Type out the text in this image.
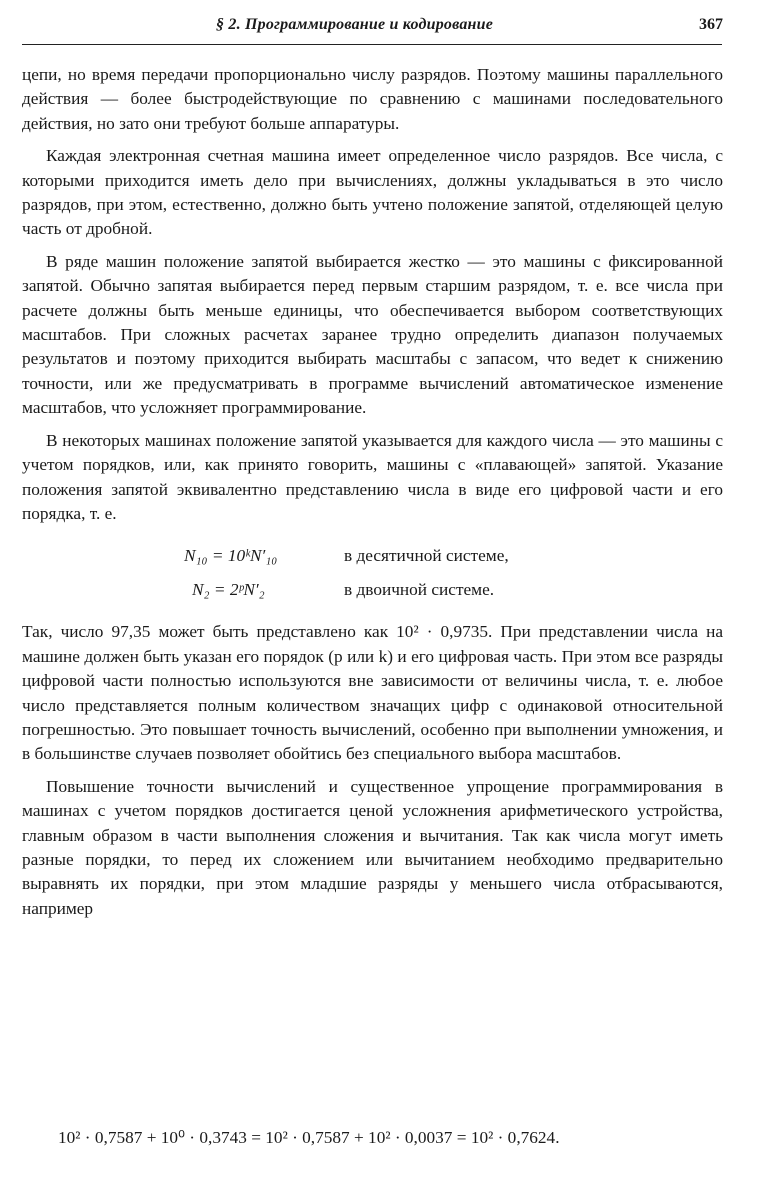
§ 2. Программирование и кодирование	367

цепи, но время передачи пропорционально числу разрядов. Поэтому машины параллельного действия — более быстродействующие по сравнению с машинами последовательного действия, но зато они требуют больше аппаратуры.

Каждая электронная счетная машина имеет определенное число разрядов. Все числа, с которыми приходится иметь дело при вычислениях, должны укладываться в это число разрядов, при этом, естественно, должно быть учтено положение запятой, отделяющей целую часть от дробной.

В ряде машин положение запятой выбирается жестко — это машины с фиксированной запятой. Обычно запятая выбирается перед первым старшим разрядом, т. е. все числа при расчете должны быть меньше единицы, что обеспечивается выбором соответствующих масштабов. При сложных расчетах заранее трудно определить диапазон получаемых результатов и поэтому приходится выбирать масштабы с запасом, что ведет к снижению точности, или же предусматривать в программе вычислений автоматическое изменение масштабов, что усложняет программирование.

В некоторых машинах положение запятой указывается для каждого числа — это машины с учетом порядков, или, как принято говорить, машины с «плавающей» запятой. Указание положения запятой эквивалентно представлению числа в виде его цифровой части и его порядка, т. е.

N₁₀ = 10ᵏN′₁₀	в десятичной системе,
N₂ = 2ᵖN′₂	в двоичной системе.

Так, число 97,35 может быть представлено как 10² · 0,9735. При представлении числа на машине должен быть указан его порядок (p или k) и его цифровая часть. При этом все разряды цифровой части полностью используются вне зависимости от величины числа, т. е. любое число представляется полным количеством значащих цифр с одинаковой относительной погрешностью. Это повышает точность вычислений, особенно при выполнении умножения, и в большинстве случаев позволяет обойтись без специального выбора масштабов.

Повышение точности вычислений и существенное упрощение программирования в машинах с учетом порядков достигается ценой усложнения арифметического устройства, главным образом в части выполнения сложения и вычитания. Так как числа могут иметь разные порядки, то перед их сложением или вычитанием необходимо предварительно выравнять их порядки, при этом младшие разряды у меньшего числа отбрасываются, например

10² · 0,7587 + 10⁰ · 0,3743 = 10² · 0,7587 + 10² · 0,0037 = 10² · 0,7624.
